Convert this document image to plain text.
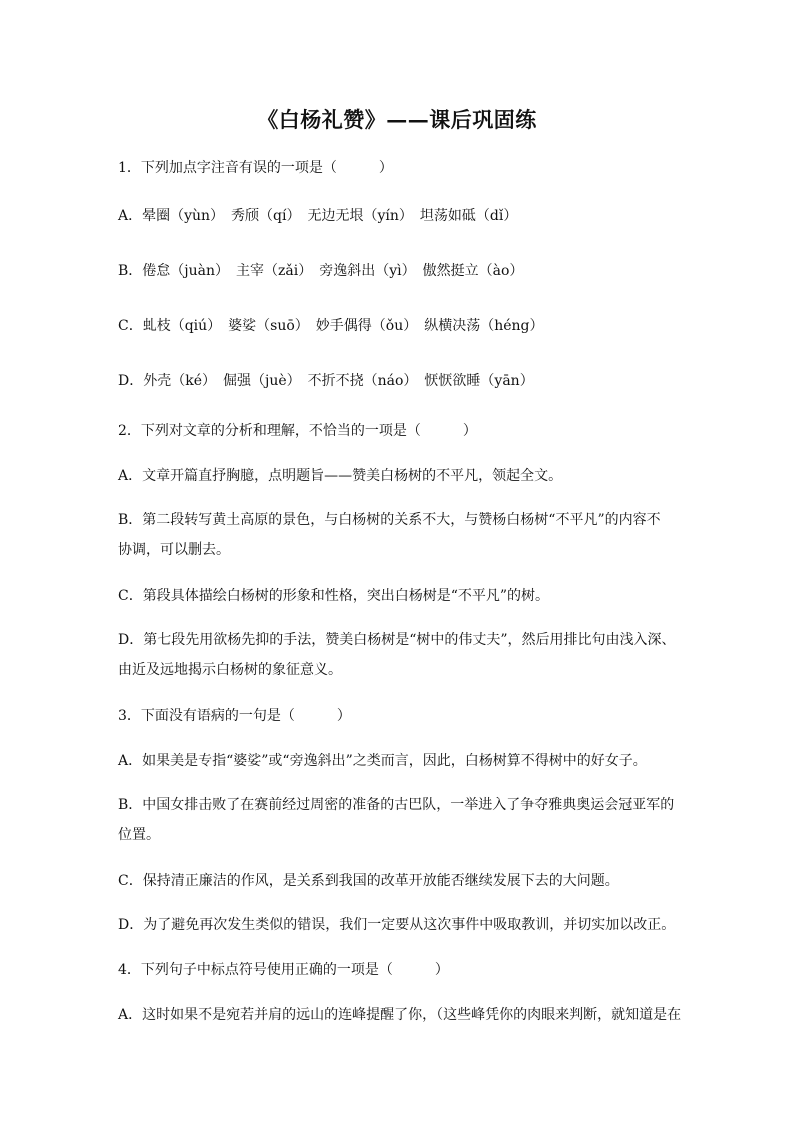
《白杨礼赞》——课后巩固练
1．下列加点字注音有误的一项是（　　　）
A．晕圈（yùn）　秀颀（qí）　无边无垠（yín）　坦荡如砥（dǐ）
B．倦怠（juàn）　主宰（zǎi）　旁逸斜出（yì）　傲然挺立（ào）
C．虬枝（qiú）　婆娑（suō）　妙手偶得（ǒu）　纵横决荡（héng）
D．外壳（ké）　倔强（juè）　不折不挠（náo）　恹恹欲睡（yān）
2．下列对文章的分析和理解，不恰当的一项是（　　　）
A．文章开篇直抒胸臆，点明题旨——赞美白杨树的不平凡，领起全文。
B．第二段转写黄土高原的景色，与白杨树的关系不大，与赞杨白杨树“不平凡”的内容不
协调，可以删去。
C．第段具体描绘白杨树的形象和性格，突出白杨树是“不平凡”的树。
D．第七段先用欲杨先抑的手法，赞美白杨树是“树中的伟丈夫”，然后用排比句由浅入深、
由近及远地揭示白杨树的象征意义。
3．下面没有语病的一句是（　　　）
A．如果美是专指“婆娑”或“旁逸斜出”之类而言，因此，白杨树算不得树中的好女子。
B．中国女排击败了在赛前经过周密的准备的古巴队，一举进入了争夺雅典奥运会冠亚军的
位置。
C．保持清正廉洁的作风，是关系到我国的改革开放能否继续发展下去的大问题。
D．为了避免再次发生类似的错误，我们一定要从这次事件中吸取教训，并切实加以改正。
4．下列句子中标点符号使用正确的一项是（　　　）
A．这时如果不是宛若并肩的远山的连峰提醒了你，（这些峰凭你的肉眼来判断，就知道是在
